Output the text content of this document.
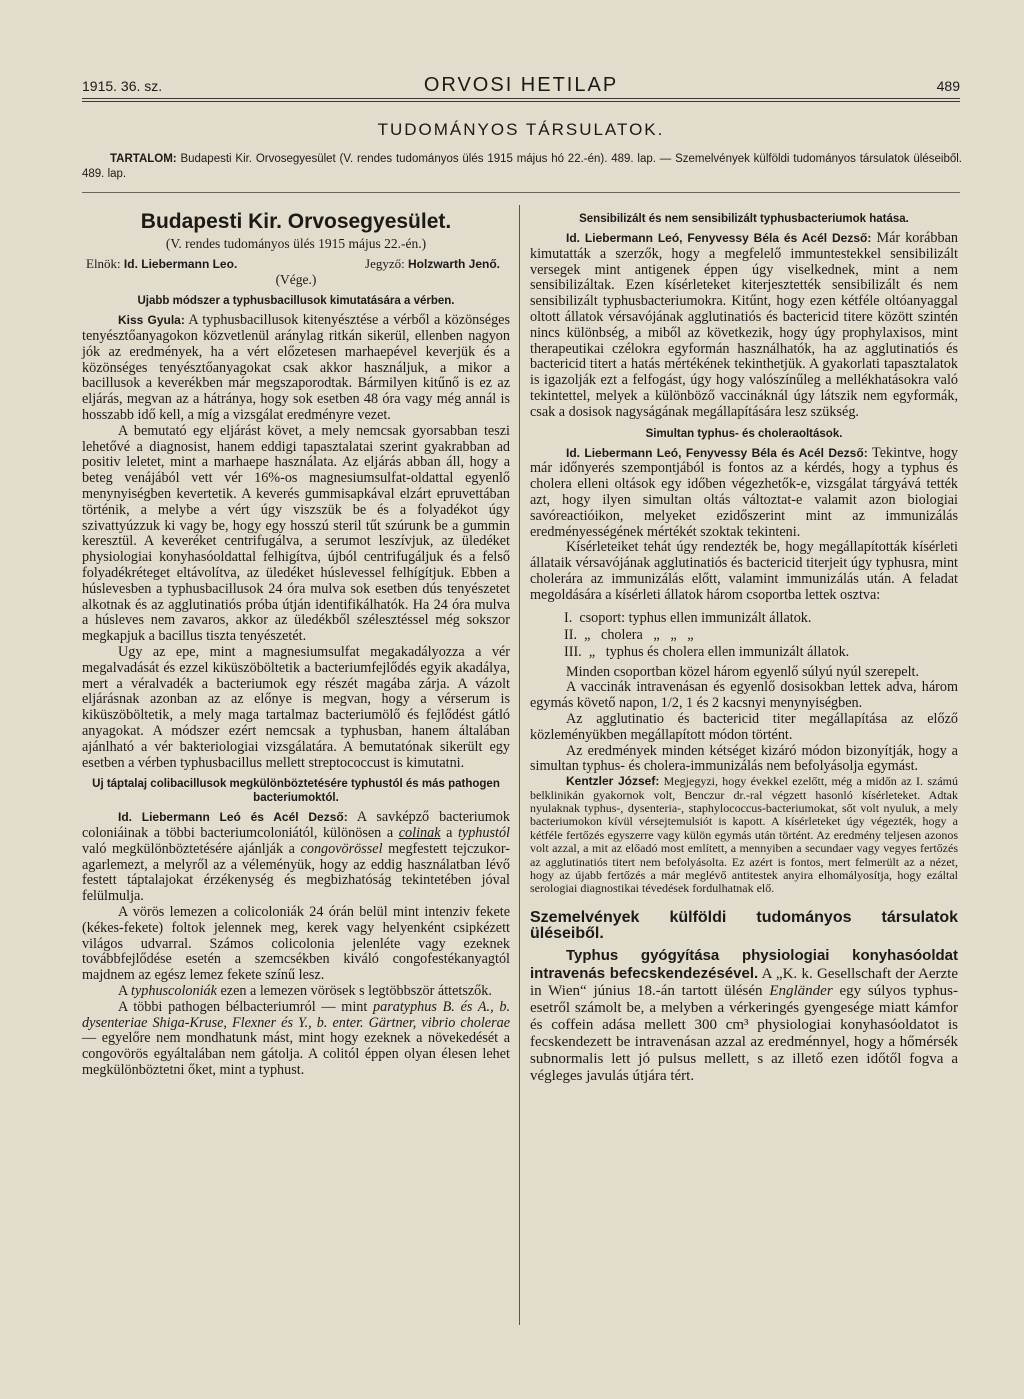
1915. 36. sz.	ORVOSI HETILAP	489
TUDOMÁNYOS TÁRSULATOK.
TARTALOM: Budapesti Kir. Orvosegyesület (V. rendes tudományos ülés 1915 május hó 22.-én). 489. lap. — Szemelvények külföldi tudományos társulatok üléseiből. 489. lap.
Budapesti Kir. Orvosegyesület.
(V. rendes tudományos ülés 1915 május 22.-én.)
Elnök: Id. Liebermann Leo.	Jegyző: Holzwarth Jenő.
(Vége.)
Ujabb módszer a typhusbacillusok kimutatására a vérben.

Kiss Gyula: A typhusbacillusok kitenyésztése a vérből a közönséges tenyésztőanyagokon közvetlenül aránylag ritkán sikerül, ellenben nagyon jók az eredmények, ha a vért előzetesen marhaepével keverjük és a közönséges tenyésztőanyagokat csak akkor használjuk, a mikor a bacillusok a keverékben már megszaporodtak. Bármilyen kitűnő is ez az eljárás, megvan az a hátránya, hogy sok esetben 48 óra vagy még annál is hosszabb idő kell, a míg a vizsgálat eredményre vezet.

A bemutató egy eljárást követ, a mely nemcsak gyorsabban teszi lehetővé a diagnosist, hanem eddigi tapasztalatai szerint gyakrabban ad positiv leletet, mint a marhaepe használata. Az eljárás abban áll, hogy a beteg venájából vett vér 16%-os magnesiumsulfat-oldattal egyenlő menynyiségben kevertetik. A keverés gummisapkával elzárt epruvettában történik, a melybe a vért úgy viszszük be és a folyadékot úgy szivattyúzzuk ki vagy be, hogy egy hosszú steril tűt szúrunk be a gummin keresztül. A keveréket centrifugálva, a serumot leszívjuk, az üledéket physiologiai konyhasóoldattal felhigítva, újból centrifugáljuk és a felső folyadékréteget eltávolítva, az üledéket húslevessel felhígítjuk. Ebben a húslevesben a typhusbacillusok 24 óra mulva sok esetben dús tenyészetet alkotnak és az agglutinatiós próba útján identifikálhatók. Ha 24 óra mulva a húsleves nem zavaros, akkor az üledékből szélesztéssel még sokszor megkapjuk a bacillus tiszta tenyészetét.

Ugy az epe, mint a magnesiumsulfat megakadályozza a vér megalvadását és ezzel kiküszöböltetik a bacteriumfejlődés egyik akadálya, mert a véralvadék a bacteriumok egy részét magába zárja. A vázolt eljárásnak azonban az az előnye is megvan, hogy a vérserum is kiküszöböltetik, a mely maga tartalmaz bacteriumölő és fejlődést gátló anyagokat. A módszer ezért nemcsak a typhusban, hanem általában ajánlható a vér bakteriologiai vizsgálatára. A bemutatónak sikerült egy esetben a vérben typhusbacillus mellett streptococcust is kimutatni.

Uj táptalaj colibacillusok megkülönböztetésére typhustól és más pathogen bacteriumoktól.

Id. Liebermann Leó és Acél Dezső: A savképző bacteriumok coloniáinak a többi bacteriumcoloniától, különösen a colinak a typhustól való megkülönböztetésére ajánlják a congovörössel megfestett tejczukor-agarlemezt, a melyről az a véleményük, hogy az eddig használatban lévő festett táptalajokat érzékenység és megbizhatóság tekintetében jóval felülmulja.

A vörös lemezen a colicoloniák 24 órán belül mint intenziv fekete (kékes-fekete) foltok jelennek meg, kerek vagy helyenként csipkézett világos udvarral. Számos colicolonia jelenléte vagy ezeknek továbbfejlődése esetén a szemcsékben kiváló congofestékanyagtól majdnem az egész lemez fekete színű lesz.

A typhuscoloniák ezen a lemezen vörösek s legtöbbször áttetszők.

A többi pathogen bélbacteriumról — mint paratyphus B. és A., b. dysenteriae Shiga-Kruse, Flexner és Y., b. enter. Gärtner, vibrio cholerae — egyelőre nem mondhatunk mást, mint hogy ezeknek a növekedését a congovörös egyáltalában nem gátolja. A colitól éppen olyan élesen lehet megkülönböztetni őket, mint a typhust.

Sensibilizált és nem sensibilizált typhusbacteriumok hatása.

Id. Liebermann Leó, Fenyvessy Béla és Acél Dezső: Már korábban kimutatták a szerzők, hogy a megfelelő immuntestekkel sensibilizált versegek mint antigenek éppen úgy viselkednek, mint a nem sensibilizáltak. Ezen kísérleteket kiterjesztették sensibilizált és nem sensibilizált typhusbacteriumokra. Kitűnt, hogy ezen kétféle oltóanyaggal oltott állatok vérsavójának agglutinatiós és bactericid titere között szintén nincs különbség, a miből az következik, hogy úgy prophylaxisos, mint therapeutikai czélokra egyformán használhatók, ha az agglutinatiós és bactericid titert a hatás mértékének tekinthetjük. A gyakorlati tapasztalatok is igazolják ezt a felfogást, úgy hogy valószínűleg a mellékhatásokra való tekintettel, melyek a különböző vaccináknál úgy látszik nem egyformák, csak a dosisok nagyságának megállapítására lesz szükség.

Simultan typhus- és choleraoltások.

Id. Liebermann Leó, Fenyvessy Béla és Acél Dezső: Tekintve, hogy már időnyerés szempontjából is fontos az a kérdés, hogy a typhus és cholera elleni oltások egy időben végezhetők-e, vizsgálat tárgyává tették azt, hogy ilyen simultan oltás változtat-e valamit azon biologiai savóreactióikon, melyeket ezidőszerint mint az immunizálás eredményességének mértékét szoktak tekinteni.

Kísérleteiket tehát úgy rendezték be, hogy megállapították kísérleti állataik vérsavójának agglutinatiós és bactericid titerjeit úgy typhusra, mint cholerára az immunizálás előtt, valamint immunizálás után. A feladat megoldására a kísérleti állatok három csoportba lettek osztva:

I.  csoport: typhus ellen immunizált állatok.
II.  „   cholera   „   „   „
III.  „   typhus és cholera ellen immunizált állatok.

Minden csoportban közel három egyenlő súlyú nyúl szerepelt.

A vaccinák intravenásan és egyenlő dosisokban lettek adva, három egymás követő napon, 1/2, 1 és 2 kacsnyi menynyiségben.

Az agglutinatio és bactericid titer megállapítása az előző közleményükben megállapított módon történt.

Az eredmények minden kétséget kizáró módon bizonyítják, hogy a simultan typhus- és cholera-immunizálás nem befolyásolja egymást.

Kentzler József: Megjegyzi, hogy évekkel ezelőtt, még a midőn az I. számú belklinikán gyakornok volt, Benczur dr.-ral végzett hasonló kísérleteket. Adtak nyulaknak typhus-, dysenteria-, staphylococcus-bacteriumokat, sőt volt nyuluk, a mely bacteriumokon kívül vérsejtemulsiót is kapott. A kísérleteket úgy végezték, hogy a kétféle fertőzés egyszerre vagy külön egymás után történt. Az eredmény teljesen azonos volt azzal, a mit az előadó most említett, a mennyiben a secundaer vagy vegyes fertőzés az agglutinatiós titert nem befolyásolta. Ez azért is fontos, mert felmerült az a nézet, hogy az újabb fertőzés a már meglévő antitestek anyira elhomályosítja, hogy ezáltal serologiai diagnostikai tévedések fordulhatnak elő.

Szemelvények külföldi tudományos társulatok üléseiből.

Typhus gyógyítása physiologiai konyhasóoldat intravenás befecskendezésével. A „K. k. Gesellschaft der Aerzte in Wien“ június 18.-án tartott ülésén Engländer egy súlyos typhus-esetről számolt be, a melyben a vérkeringés gyengesége miatt kámfor és coffein adása mellett 300 cm³ physiologiai konyhasóoldatot is fecskendezett be intravenásan azzal az eredménnyel, hogy a hőmérsék subnormalis lett jó pulsus mellett, s az illető ezen időtől fogva a végleges javulás útjára tért.
